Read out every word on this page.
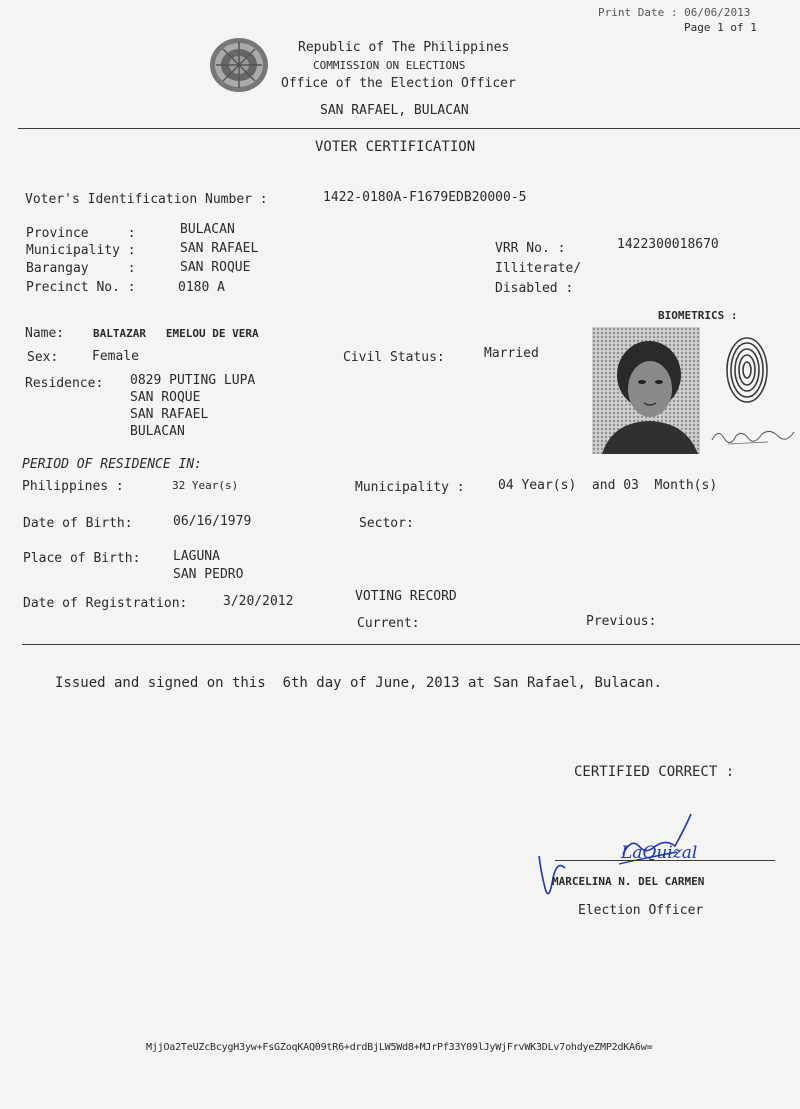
Print Date : 06/06/2013
Page 1 of 1
Republic of The Philippines
COMMISSION ON ELECTIONS
Office of the Election Officer
SAN RAFAEL, BULACAN
VOTER CERTIFICATION
Voter's Identification Number :	1422-0180A-F1679EDB20000-5
Province     :	BULACAN
Municipality :	SAN RAFAEL
Barangay     :	SAN ROQUE
Precinct No. :	0180 A
VRR No. :	1422300018670
Illiterate/
Disabled :
BIOMETRICS :
Name:	BALTAZAR   EMELOU DE VERA
Sex:	Female	Civil Status:	Married
Residence: 0829 PUTING LUPA
SAN ROQUE
SAN RAFAEL
BULACAN
PERIOD OF RESIDENCE IN:
Philippines :	32 Year(s)	Municipality :	04 Year(s)  and 03  Month(s)
Date of Birth:	06/16/1979	Sector:
Place of Birth:	LAGUNA
SAN PEDRO
Date of Registration:	3/20/2012	VOTING RECORD
Current:	Previous:
Issued and signed on this  6th day of June, 2013 at San Rafael, Bulacan.
CERTIFIED CORRECT :
LaQuizal
MARCELINA N. DEL CARMEN
Election Officer
MjjOa2TeUZcBcygH3yw+FsGZoqKAQ09tR6+drdBjLW5Wd8+MJrPf33Y09lJyWjFrvWK3DLv7ohdyeZMP2dKA6w=
